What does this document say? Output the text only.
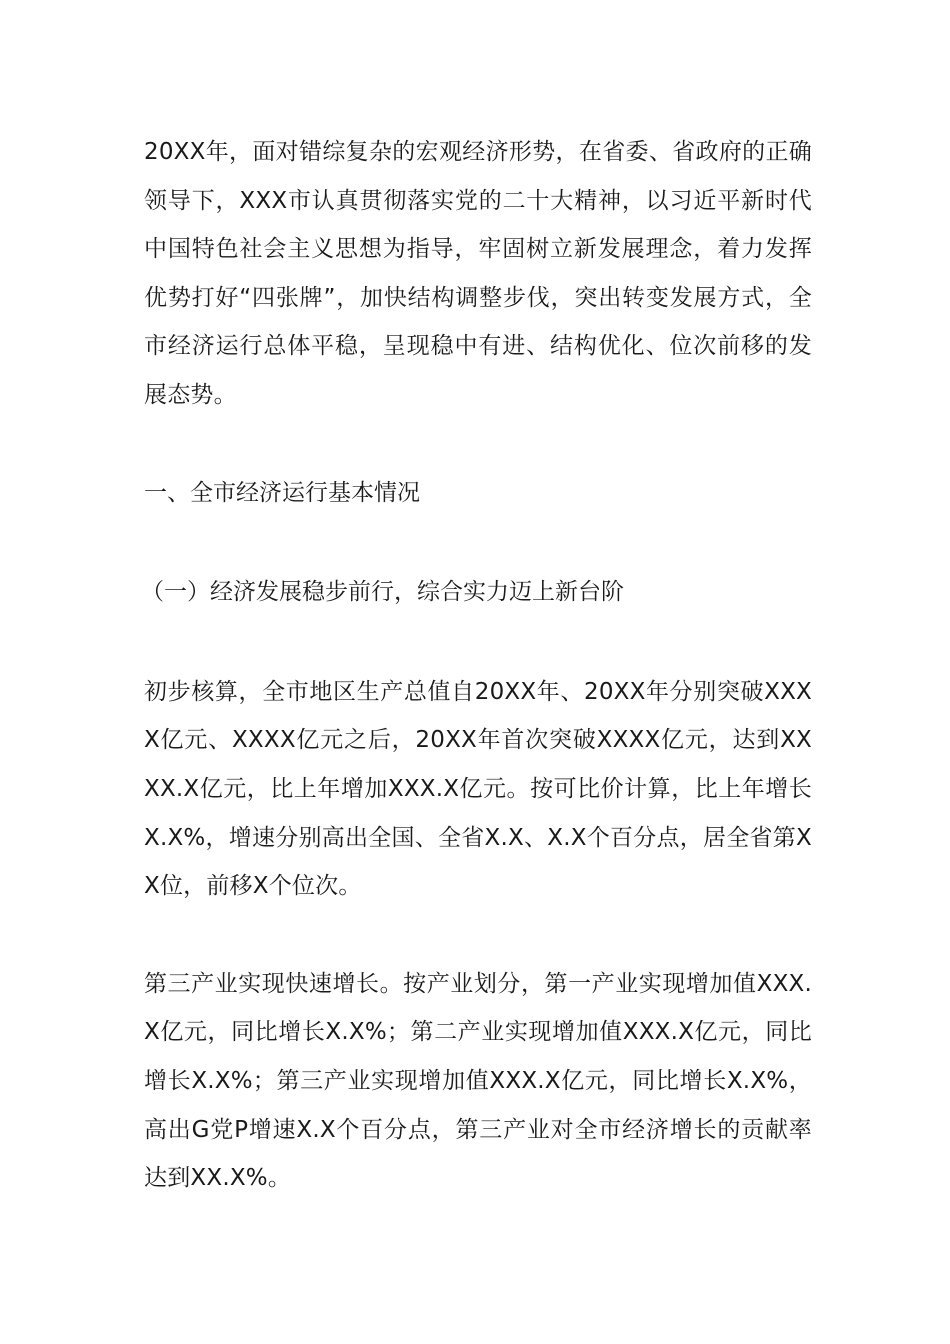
20XX年，面对错综复杂的宏观经济形势，在省委、省政府的正确领导下，XXX市认真贯彻落实党的二十大精神，以习近平新时代中国特色社会主义思想为指导，牢固树立新发展理念，着力发挥优势打好“四张牌”，加快结构调整步伐，突出转变发展方式，全市经济运行总体平稳，呈现稳中有进、结构优化、位次前移的发展态势。

一、全市经济运行基本情况

（一）经济发展稳步前行，综合实力迈上新台阶

初步核算，全市地区生产总值自20XX年、20XX年分别突破XXXX亿元、XXXX亿元之后，20XX年首次突破XXXX亿元，达到XXXX.X亿元，比上年增加XXX.X亿元。按可比价计算，比上年增长X.X%，增速分别高出全国、全省X.X、X.X个百分点，居全省第XX位，前移X个位次。

第三产业实现快速增长。按产业划分，第一产业实现增加值XXX.X亿元，同比增长X.X%；第二产业实现增加值XXX.X亿元，同比增长X.X%；第三产业实现增加值XXX.X亿元，同比增长X.X%，高出G党P增速X.X个百分点，第三产业对全市经济增长的贡献率达到XX.X%。
